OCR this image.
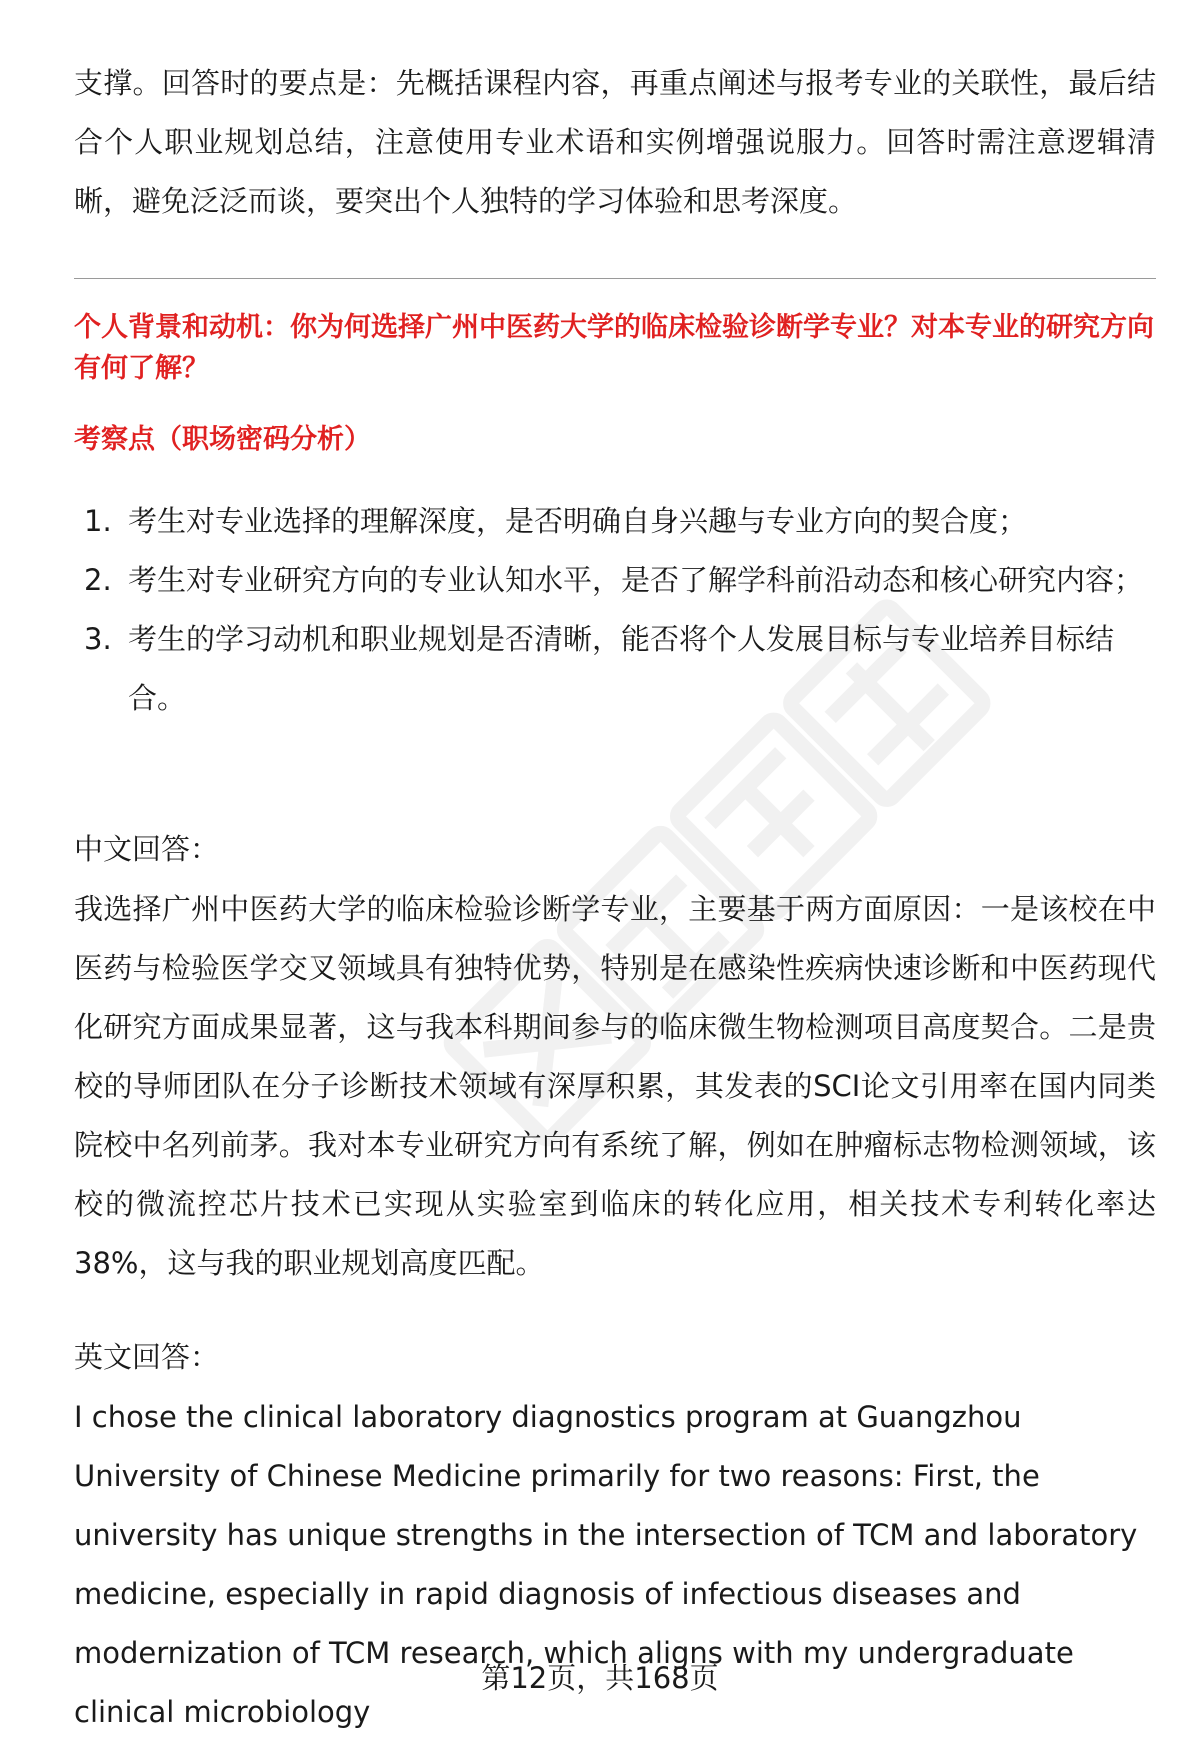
支撑。回答时的要点是：先概括课程内容，再重点阐述与报考专业的关联性，最后结合个人职业规划总结，注意使用专业术语和实例增强说服力。回答时需注意逻辑清晰，避免泛泛而谈，要突出个人独特的学习体验和思考深度。

个人背景和动机：你为何选择广州中医药大学的临床检验诊断学专业？对本专业的研究方向有何了解？

考察点（职场密码分析）

1. 考生对专业选择的理解深度，是否明确自身兴趣与专业方向的契合度；
2. 考生对专业研究方向的专业认知水平，是否了解学科前沿动态和核心研究内容；
3. 考生的学习动机和职业规划是否清晰，能否将个人发展目标与专业培养目标结合。

中文回答：

我选择广州中医药大学的临床检验诊断学专业，主要基于两方面原因：一是该校在中医药与检验医学交叉领域具有独特优势，特别是在感染性疾病快速诊断和中医药现代化研究方面成果显著，这与我本科期间参与的临床微生物检测项目高度契合。二是贵校的导师团队在分子诊断技术领域有深厚积累，其发表的SCI论文引用率在国内同类院校中名列前茅。我对本专业研究方向有系统了解，例如在肿瘤标志物检测领域，该校的微流控芯片技术已实现从实验室到临床的转化应用，相关技术专利转化率达38%，这与我的职业规划高度匹配。

英文回答：

I chose the clinical laboratory diagnostics program at Guangzhou University of Chinese Medicine primarily for two reasons: First, the university has unique strengths in the intersection of TCM and laboratory medicine, especially in rapid diagnosis of infectious diseases and modernization of TCM research, which aligns with my undergraduate clinical microbiology

第12页，共168页
